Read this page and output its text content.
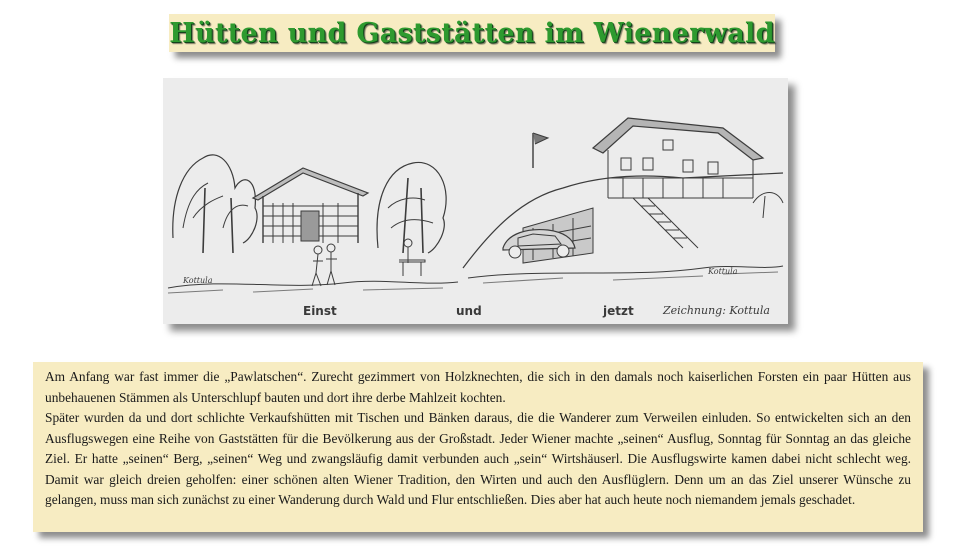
Hütten und Gaststätten im Wienerwald
Kottula
Kottula
Einst	und	jetzt	Zeichnung: Kottula

Am Anfang war fast immer die „Pawlatschen“. Zurecht gezimmert von Holzknechten, die sich in den damals noch kaiserlichen Forsten ein paar Hütten aus unbehauenen Stämmen als Unterschlupf bauten und dort ihre derbe Mahlzeit kochten.

Später wurden da und dort schlichte Verkaufshütten mit Tischen und Bänken daraus, die die Wanderer zum Verweilen einluden. So entwickelten sich an den Ausflugswegen eine Reihe von Gaststätten für die Bevölkerung aus der Großstadt. Jeder Wiener machte „seinen“ Ausflug, Sonntag für Sonntag an das gleiche Ziel. Er hatte „seinen“ Berg, „seinen“ Weg und zwangsläufig damit verbunden auch „sein“ Wirtshäuserl. Die Ausflugswirte kamen dabei nicht schlecht weg. Damit war gleich dreien geholfen: einer schönen alten Wiener Tradition, den Wirten und auch den Ausflüglern. Denn um an das Ziel unserer Wünsche zu gelangen, muss man sich zunächst zu einer Wanderung durch Wald und Flur entschließen. Dies aber hat auch heute noch niemandem jemals geschadet.
